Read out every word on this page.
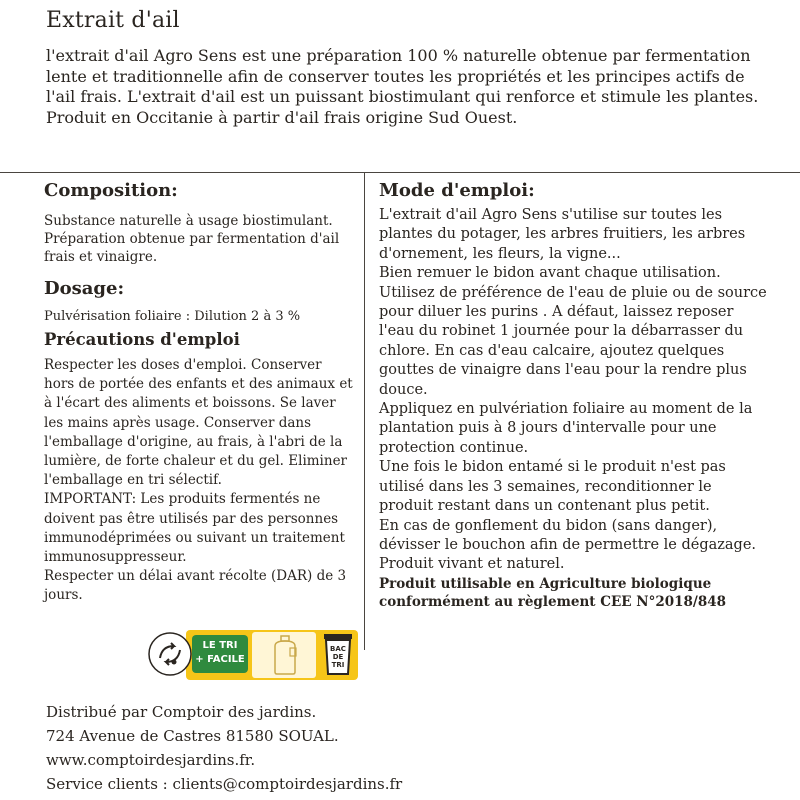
Extrait d'ail

l'extrait d'ail Agro Sens est une préparation 100 % naturelle obtenue par fermentation lente et traditionnelle afin de conserver toutes les propriétés et les principes actifs de l'ail frais. L'extrait d'ail est un puissant biostimulant qui renforce et stimule les plantes.

Produit en Occitanie à partir d'ail frais origine Sud Ouest.

Composition:
Substance naturelle à usage biostimulant. Préparation obtenue par fermentation d'ail frais et vinaigre.
Dosage:
Pulvérisation foliaire : Dilution 2 à 3 %
Précautions d'emploi

Respecter les doses d'emploi. Conserver hors de portée des enfants et des animaux et à l'écart des aliments et boissons. Se laver les mains après usage. Conserver dans l'emballage d'origine, au frais, à l'abri de la lumière, de forte chaleur et du gel. Eliminer l'emballage en tri sélectif.

IMPORTANT: Les produits fermentés ne doivent pas être utilisés par des personnes immunodéprimées ou suivant un traitement immunosuppresseur.

Respecter un délai avant récolte (DAR) de 3 jours.

Mode d'emploi:

L'extrait d'ail Agro Sens s'utilise sur toutes les plantes du potager, les arbres fruitiers, les arbres d'ornement, les fleurs, la vigne...

Bien remuer le bidon avant chaque utilisation.

Utilisez de préférence de l'eau de pluie ou de source pour diluer les purins . A défaut, laissez reposer l'eau du robinet 1 journée pour la débarrasser du chlore. En cas d'eau calcaire, ajoutez quelques gouttes de vinaigre dans l'eau pour la rendre plus douce.

Appliquez en pulvériation foliaire au moment de la plantation puis à 8 jours d'intervalle pour une protection continue.

Une fois le bidon entamé si le produit n'est pas utilisé dans les 3 semaines, reconditionner le produit restant dans un contenant plus petit.

En cas de gonflement du bidon (sans danger), dévisser le bouchon afin de permettre le dégazage. Produit vivant et naturel.

Produit utilisable en Agriculture biologique

conformément au règlement CEE N°2018/848

LE TRI
+ FACILE
BAC DE TRI
Distribué par Comptoir des jardins.
724 Avenue de Castres 81580 SOUAL.
www.comptoirdesjardins.fr.
Service clients : clients@comptoirdesjardins.fr
